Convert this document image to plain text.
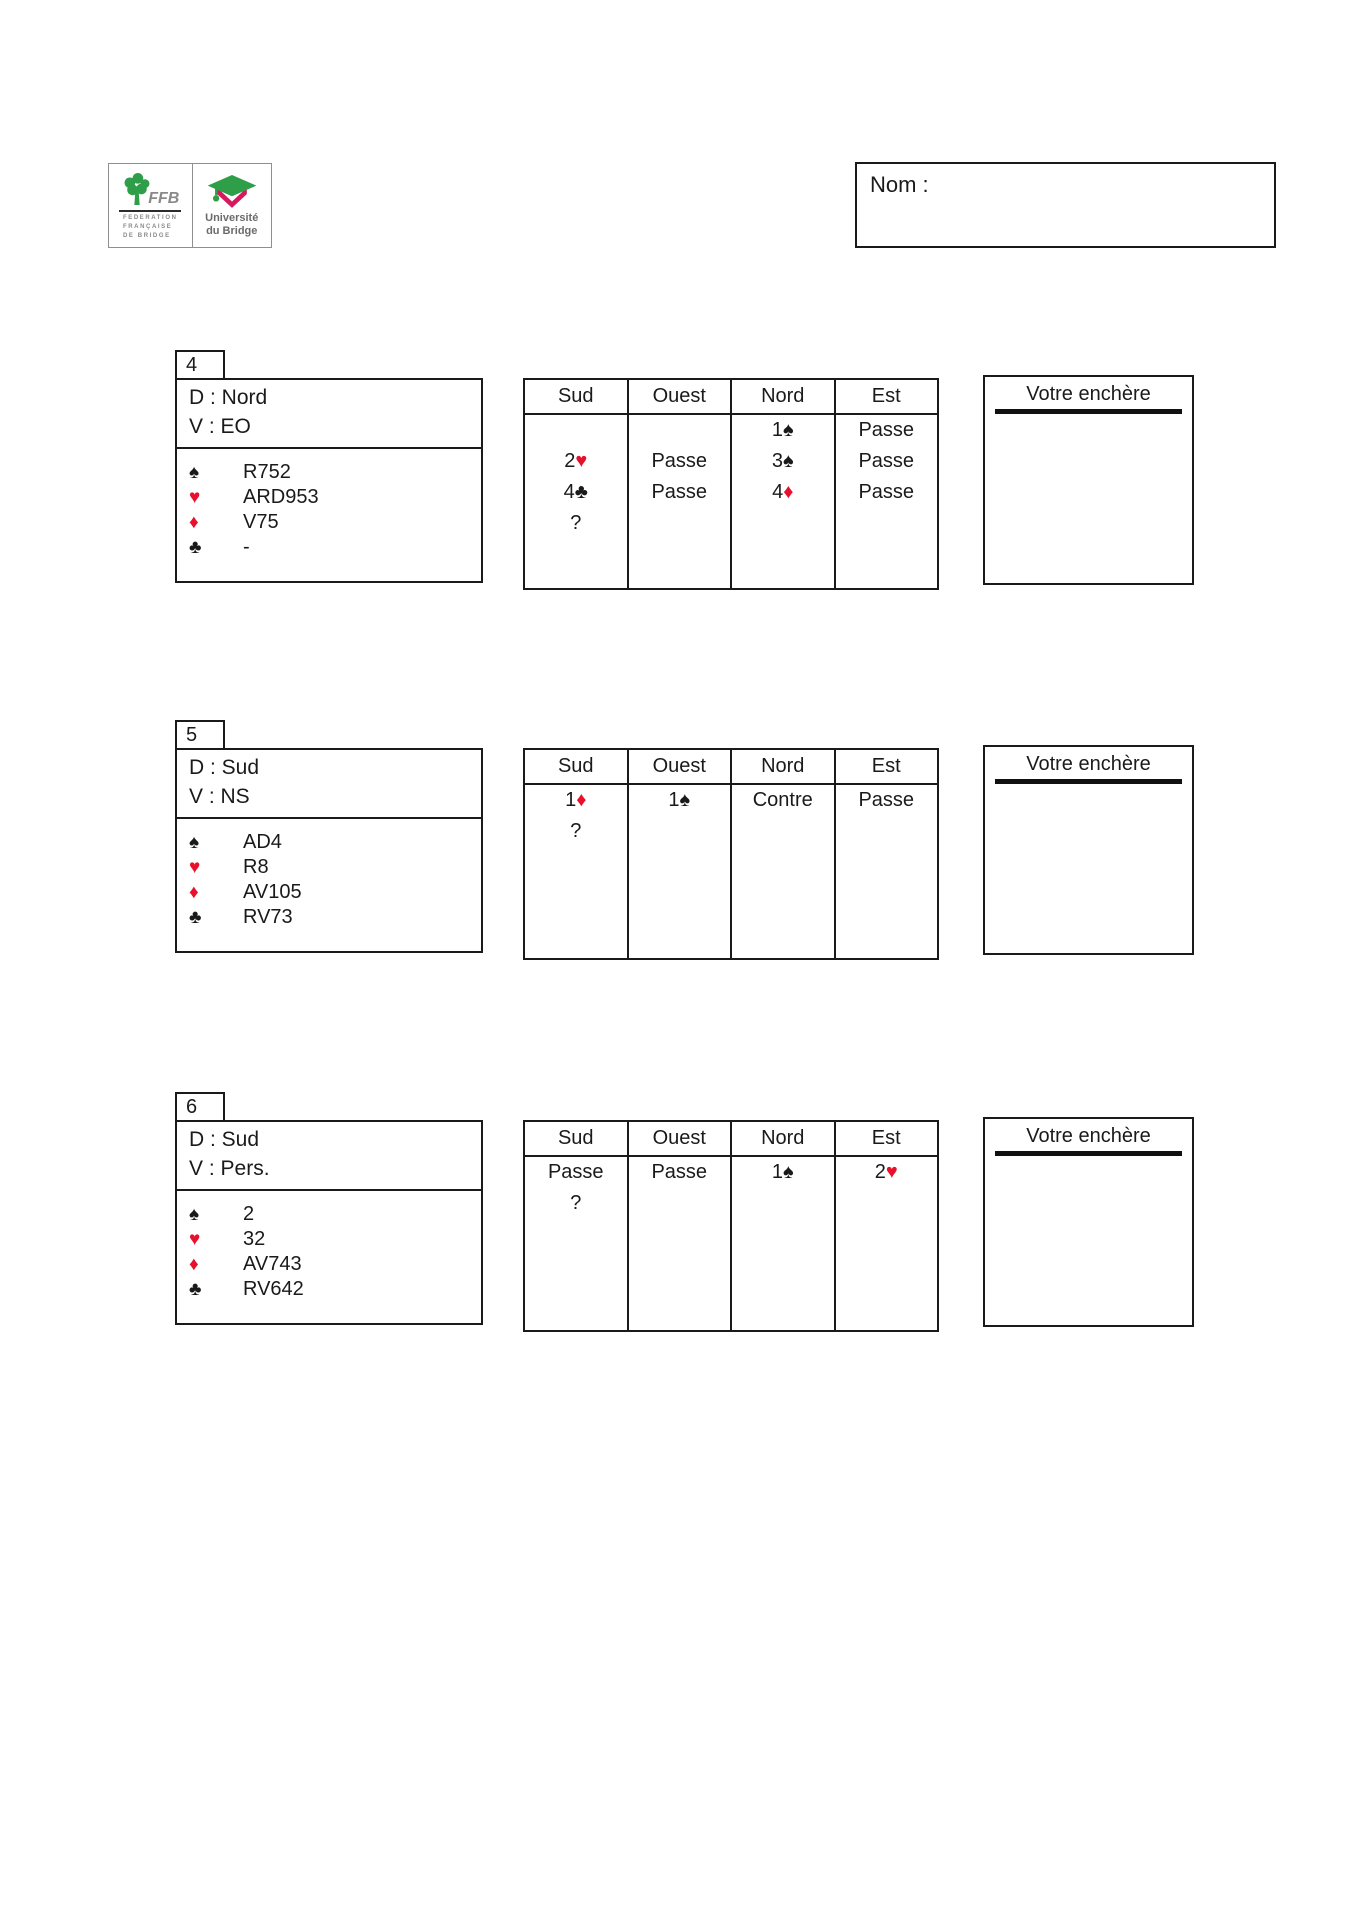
FFB
FEDERATION
FRANÇAISE
DE BRIDGE
Université
du Bridge
Nom :
4
D : Nord
V : EO
♠	R752
♥	ARD953
♦	V75
♣	-
Sud	Ouest	Nord	Est
		1♠	Passe
2♥	Passe	3♠	Passe
4♣	Passe	4♦	Passe
?			

Votre enchère
5
D : Sud
V : NS
♠	AD4
♥	R8
♦	AV105
♣	RV73
Sud	Ouest	Nord	Est
1♦	1♠	Contre	Passe
?			

Votre enchère
6
D : Sud
V : Pers.
♠	2
♥	32
♦	AV743
♣	RV642
Sud	Ouest	Nord	Est
Passe	Passe	1♠	2♥
?			

Votre enchère
